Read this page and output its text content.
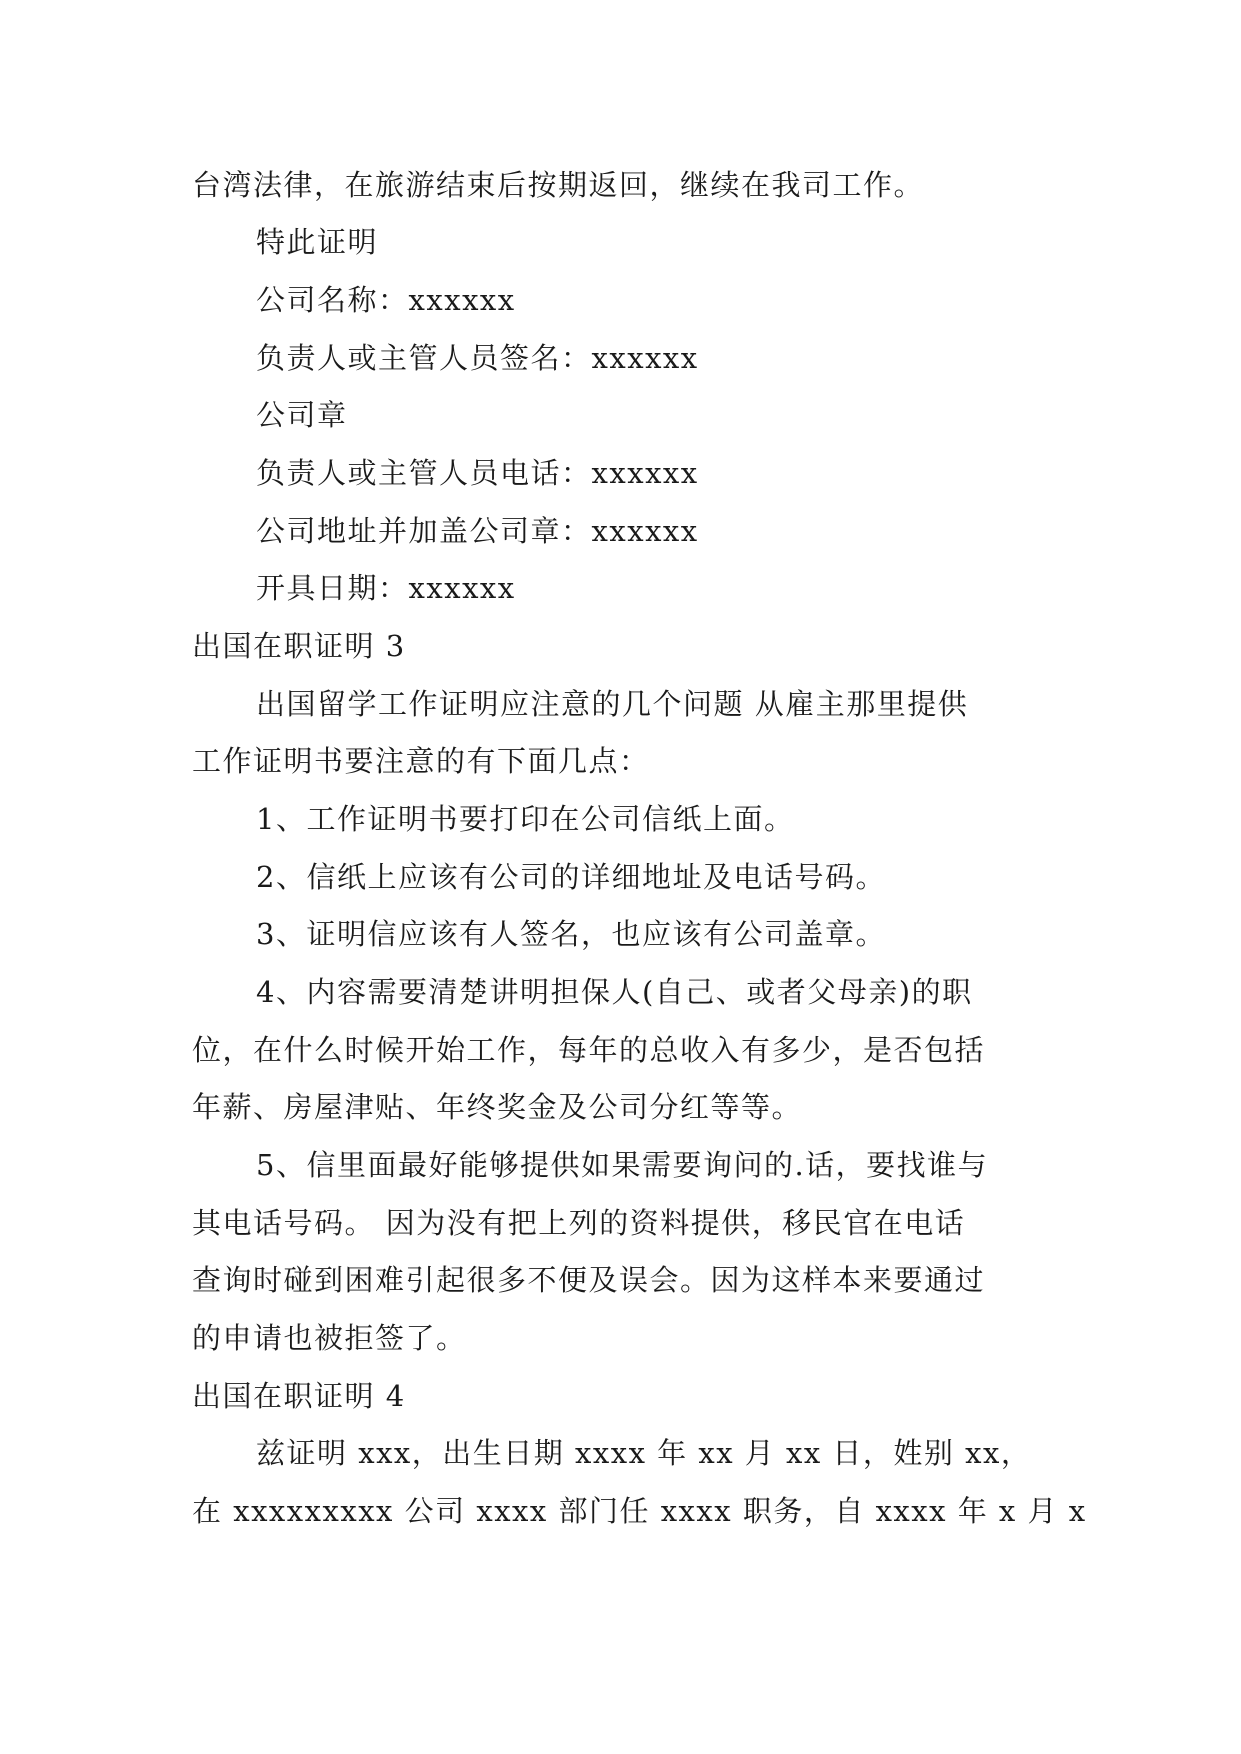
台湾法律，在旅游结束后按期返回，继续在我司工作。
特此证明
公司名称：xxxxxx
负责人或主管人员签名：xxxxxx
公司章
负责人或主管人员电话：xxxxxx
公司地址并加盖公司章：xxxxxx
开具日期：xxxxxx
出国在职证明 3
出国留学工作证明应注意的几个问题 从雇主那里提供
工作证明书要注意的有下面几点：
1、工作证明书要打印在公司信纸上面。
2、信纸上应该有公司的详细地址及电话号码。
3、证明信应该有人签名，也应该有公司盖章。
4、内容需要清楚讲明担保人(自己、或者父母亲)的职
位，在什么时候开始工作，每年的总收入有多少，是否包括
年薪、房屋津贴、年终奖金及公司分红等等。
5、信里面最好能够提供如果需要询问的.话，要找谁与
其电话号码。 因为没有把上列的资料提供，移民官在电话
查询时碰到困难引起很多不便及误会。因为这样本来要通过
的申请也被拒签了。
出国在职证明 4
兹证明 xxx，出生日期 xxxx 年 xx 月 xx 日，姓别 xx，
在 xxxxxxxxx 公司 xxxx 部门任 xxxx 职务，自 xxxx 年 x 月 x
